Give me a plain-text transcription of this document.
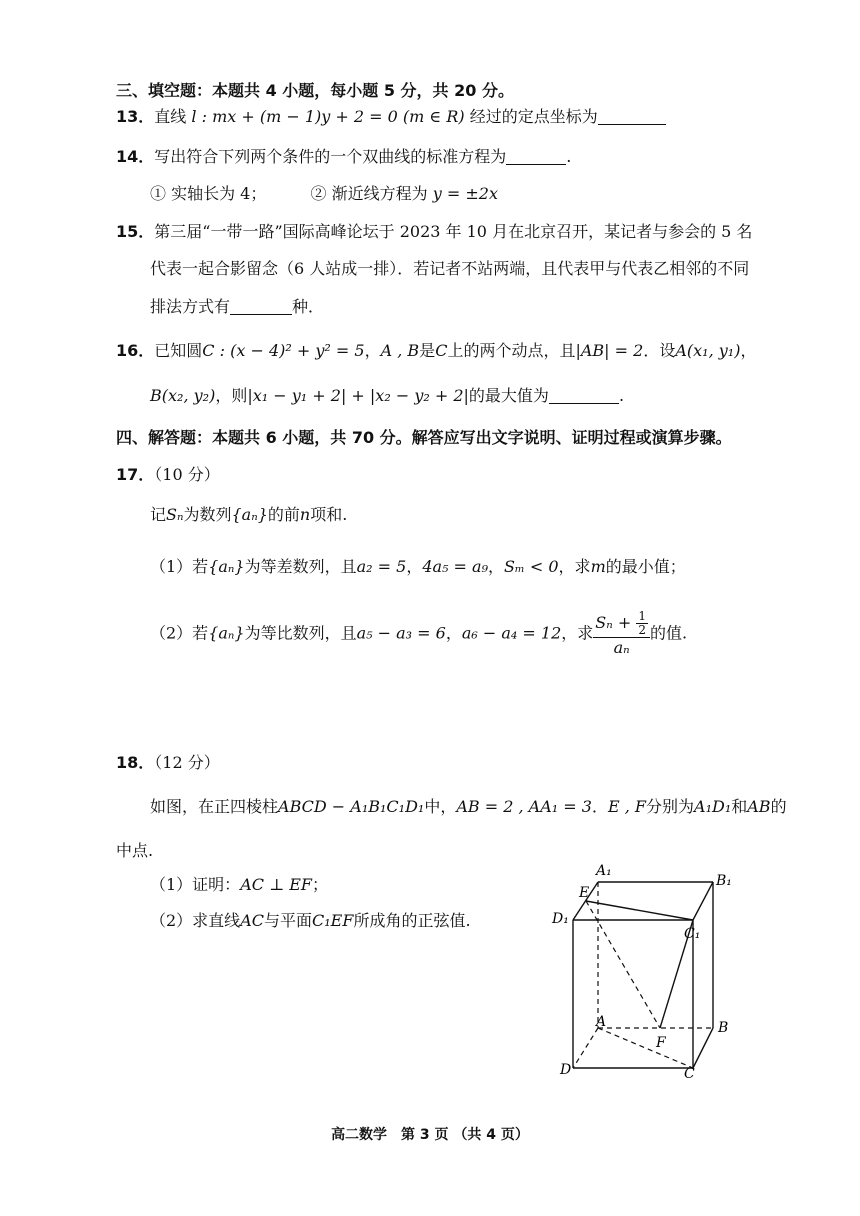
三、填空题：本题共 4 小题，每小题 5 分，共 20 分。
13．直线 l : mx + (m − 1)y + 2 = 0 (m ∈ R) 经过的定点坐标为
14．写出符合下列两个条件的一个双曲线的标准方程为	.
① 实轴长为 4；	② 渐近线方程为 y = ±2x
15．第三届“一带一路”国际高峰论坛于 2023 年 10 月在北京召开，某记者与参会的 5 名
代表一起合影留念（6 人站成一排）．若记者不站两端，且代表甲与代表乙相邻的不同
排法方式有	种．
16．已知圆C : (x − 4)² + y² = 5，A , B是C上的两个动点，且|AB| = 2．设A(x₁, y₁)，
B(x₂, y₂)，则|x₁ − y₁ + 2| + |x₂ − y₂ + 2|的最大值为	.
四、解答题：本题共 6 小题，共 70 分。解答应写出文字说明、证明过程或演算步骤。
17．（10 分）
记Sₙ为数列{aₙ}的前n项和.
（1）若{aₙ}为等差数列，且a₂ = 5，4a₅ = a₉，Sₘ < 0，求m的最小值；
（2）若{aₙ}为等比数列，且a₅ − a₃ = 6，a₆ − a₄ = 12，求 $\frac{S_n + \frac{1}{2}}{\text{aₙ}}$ 的值.
18．（12 分）
如图，在正四棱柱ABCD − A₁B₁C₁D₁中，AB = 2 , AA₁ = 3．E , F分别为A₁D₁和AB的
中点.
（1）证明：AC ⊥ EF；
（2）求直线AC与平面C₁EF所成角的正弦值.
A₁
B₁
C₁
D₁
E
A	B
C
D
F
高二数学　第 3 页 （共 4 页）
